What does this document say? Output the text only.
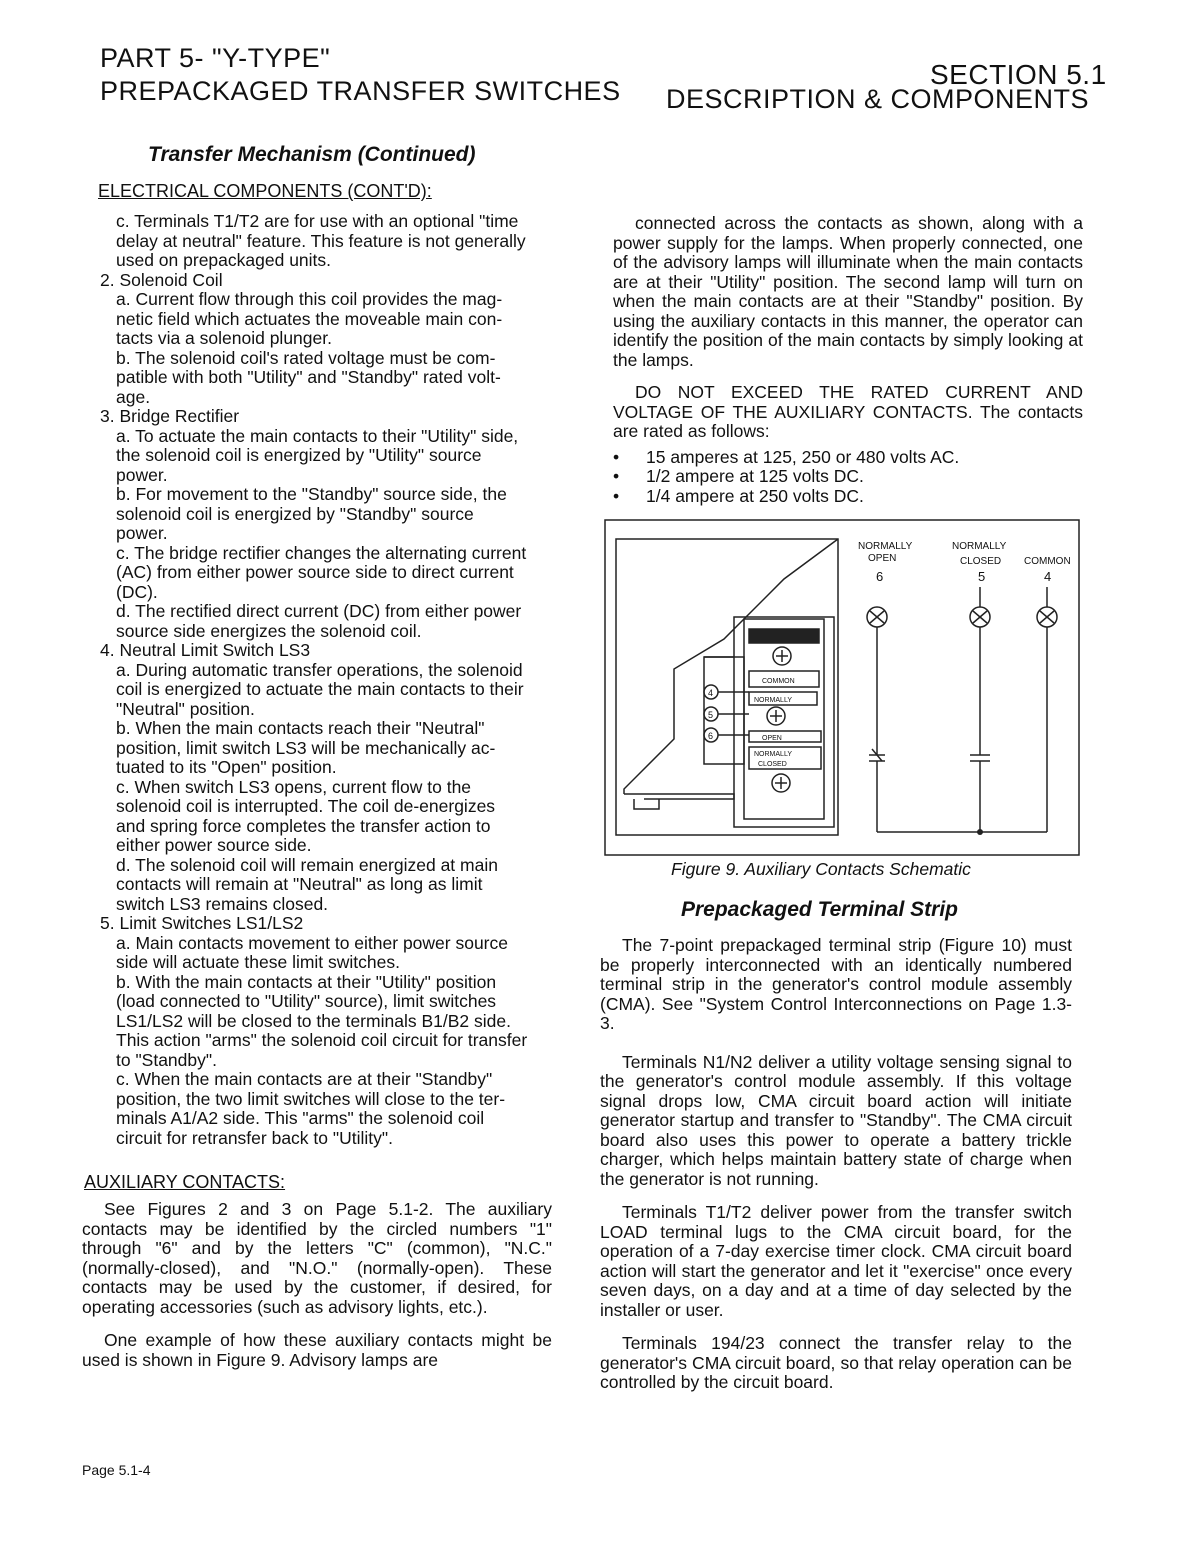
PART 5- "Y-TYPE"
PREPACKAGED TRANSFER SWITCHES
SECTION 5.1
DESCRIPTION & COMPONENTS
Transfer Mechanism (Continued)
ELECTRICAL COMPONENTS (CONT'D):
c. Terminals T1/T2 are for use with an optional "time
delay at neutral" feature. This feature is not generally
used on prepackaged units.
2. Solenoid Coil
a. Current flow through this coil provides the mag-
netic field which actuates the moveable main con-
tacts via a solenoid plunger.
b. The solenoid coil's rated voltage must be com-
patible with both "Utility" and "Standby" rated volt-
age.
3. Bridge Rectifier
a. To actuate the main contacts to their "Utility" side,
the solenoid coil is energized by "Utility" source
power.
b. For movement to the "Standby" source side, the
solenoid coil is energized by "Standby" source
power.
c. The bridge rectifier changes the alternating current
(AC) from either power source side to direct current
(DC).
d. The rectified direct current (DC) from either power
source side energizes the solenoid coil.
4. Neutral Limit Switch LS3
a. During automatic transfer operations, the solenoid
coil is energized to actuate the main contacts to their
"Neutral" position.
b. When the main contacts reach their "Neutral"
position, limit switch LS3 will be mechanically ac-
tuated to its "Open" position.
c. When switch LS3 opens, current flow to the
solenoid coil is interrupted. The coil de-energizes
and spring force completes the transfer action to
either power source side.
d. The solenoid coil will remain energized at main
contacts will remain at "Neutral" as long as limit
switch LS3 remains closed.
5. Limit Switches LS1/LS2
a. Main contacts movement to either power source
side will actuate these limit switches.
b. With the main contacts at their "Utility" position
(load connected to "Utility" source), limit switches
LS1/LS2 will be closed to the terminals B1/B2 side.
This action "arms" the solenoid coil circuit for transfer
to "Standby".
c. When the main contacts are at their "Standby"
position, the two limit switches will close to the ter-
minals A1/A2 side. This "arms" the solenoid coil
circuit for retransfer back to "Utility".
AUXILIARY CONTACTS:

See Figures 2 and 3 on Page 5.1-2. The auxiliary contacts may be identified by the circled numbers "1" through "6" and by the letters "C" (common), "N.C." (normally-closed), and "N.O." (normally-open). These contacts may be used by the customer, if desired, for operating accessories (such as advisory lights, etc.).

One example of how these auxiliary contacts might be used is shown in Figure 9. Advisory lamps are

connected across the contacts as shown, along with a power supply for the lamps. When properly connected, one of the advisory lamps will illuminate when the main contacts are at their "Utility" position. The second lamp will turn on when the main contacts are at their "Standby" position. By using the auxiliary contacts in this manner, the operator can identify the position of the main contacts by simply looking at the lamps.

DO NOT EXCEED THE RATED CURRENT AND VOLTAGE OF THE AUXILIARY CONTACTS. The contacts are rated as follows:

• 15 amperes at 125, 250 or 480 volts AC.
• 1/2 ampere at 125 volts DC.
• 1/4 ampere at 250 volts DC.
NORMALLY
OPEN
NORMALLY
CLOSED COMMON
6	5	4
COMMON
NORMALLY
OPEN
NORMALLY
CLOSED
4
5
6
Figure 9. Auxiliary Contacts Schematic
Prepackaged Terminal Strip

The 7-point prepackaged terminal strip (Figure 10) must be properly interconnected with an identically numbered terminal strip in the generator's control module assembly (CMA). See "System Control Interconnections on Page 1.3-3.

Terminals N1/N2 deliver a utility voltage sensing signal to the generator's control module assembly. If this voltage signal drops low, CMA circuit board action will initiate generator startup and transfer to "Standby". The CMA circuit board also uses this power to operate a battery trickle charger, which helps maintain battery state of charge when the generator is not running.

Terminals T1/T2 deliver power from the transfer switch LOAD terminal lugs to the CMA circuit board, for the operation of a 7-day exercise timer clock. CMA circuit board action will start the generator and let it "exercise" once every seven days, on a day and at a time of day selected by the installer or user.

Terminals 194/23 connect the transfer relay to the generator's CMA circuit board, so that relay operation can be controlled by the circuit board.

Page 5.1-4
